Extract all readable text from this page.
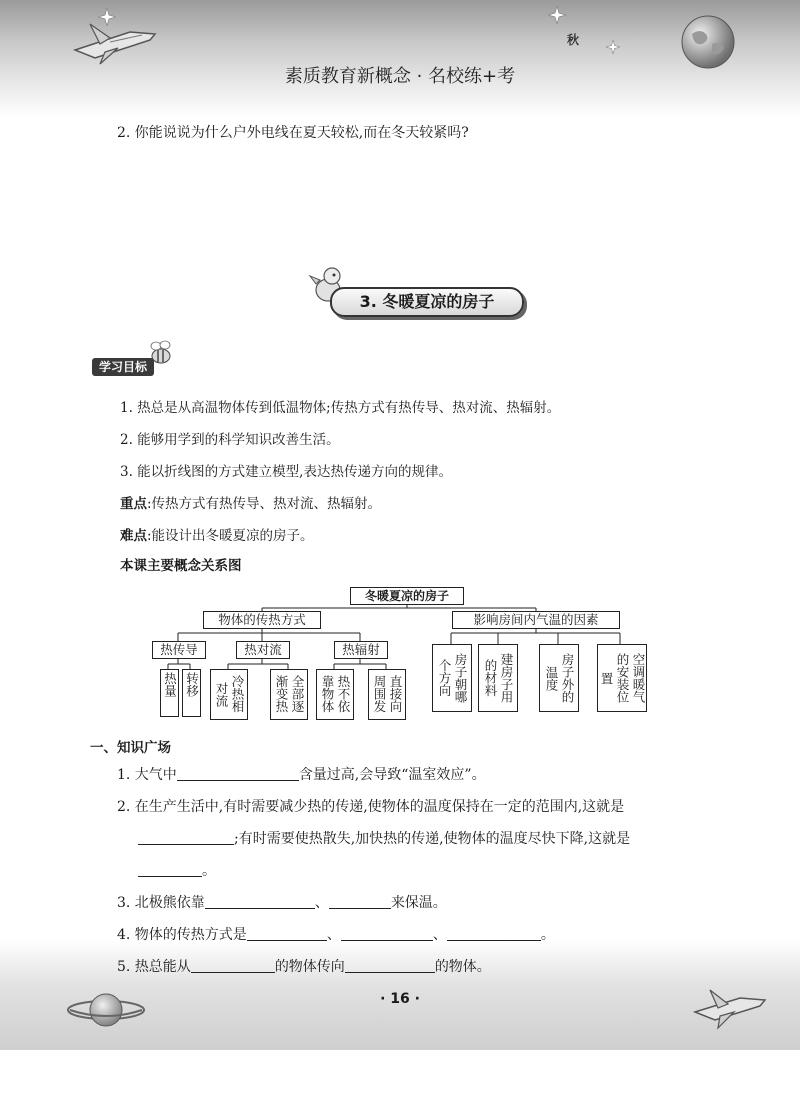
秋
素质教育新概念 · 名校练+考
2. 你能说说为什么户外电线在夏天较松,而在冬天较紧吗?
3. 冬暖夏凉的房子
学习目标
1. 热总是从高温物体传到低温物体;传热方式有热传导、热对流、热辐射。
2. 能够用学到的科学知识改善生活。
3. 能以折线图的方式建立模型,表达热传递方向的规律。
重点:传热方式有热传导、热对流、热辐射。
难点:能设计出冬暖夏凉的房子。
本课主要概念关系图
冬暖夏凉的房子
物体的传热方式	影响房间内气温的因素
热传导	热对流	热辐射
热量 转移	冷热相对流	全部逐渐变热	热不依靠物体	直接向周围发	房子朝哪个方向	建房子用的材料	房子外的温度	空调暖气的安装位置
一、知识广场
1. 大气中	含量过高,会导致“温室效应”。
2. 在生产生活中,有时需要减少热的传递,使物体的温度保持在一定的范围内,这就是
;有时需要使热散失,加快热的传递,使物体的温度尽快下降,这就是
。
3. 北极熊依靠	、	来保温。
4. 物体的传热方式是	、	、	。
5. 热总能从	的物体传向	的物体。
· 16 ·
